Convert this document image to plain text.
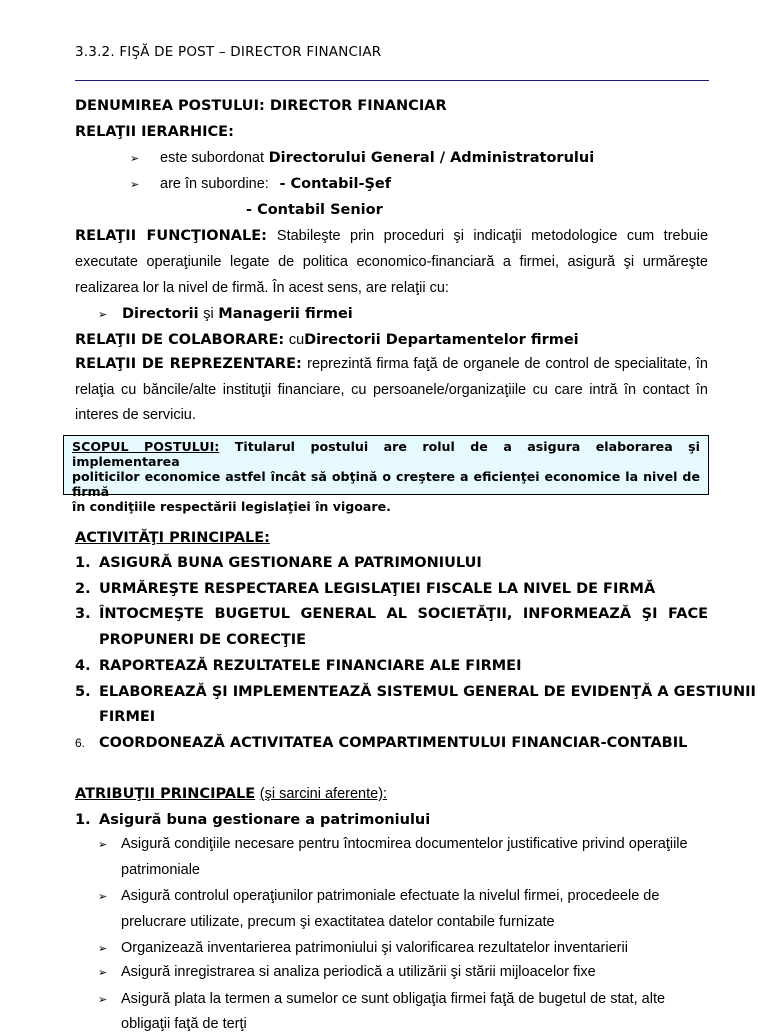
3.3.2. FIŞĂ DE POST – DIRECTOR FINANCIAR
DENUMIREA POSTULUI: DIRECTOR FINANCIAR
RELAŢII IERARHICE:
➢ este subordonat Directorului General / Administratorului
➢ are în subordine: - Contabil-Şef
- Contabil Senior
RELAŢII FUNCŢIONALE: Stabileşte prin proceduri şi indicaţii metodologice cum trebuie
executate operaţiunile legate de politica economico-financiară a firmei, asigură şi urmăreşte
realizarea lor la nivel de firmă. În acest sens, are relaţii cu:
➢ Directorii şi Managerii firmei
RELAŢII DE COLABORARE: cuDirectorii Departamentelor firmei
RELAŢII DE REPREZENTARE: reprezintă firma faţă de organele de control de specialitate, în
relaţia cu băncile/alte instituţii financiare, cu persoanele/organizaţiile cu care intră în contact în
interes de serviciu.
SCOPUL POSTULUI: Titularul postului are rolul de a asigura elaborarea şi implementarea
politicilor economice astfel încât să obţină o creştere a eficienţei economice la nivel de firmă
în condiţiile respectării legislaţiei în vigoare.
ACTIVITĂŢI PRINCIPALE:
1. ASIGURĂ BUNA GESTIONARE A PATRIMONIULUI
2. URMĂREŞTE RESPECTAREA LEGISLAŢIEI FISCALE LA NIVEL DE FIRMĂ
3. ÎNTOCMEŞTE BUGETUL GENERAL AL SOCIETĂŢII, INFORMEAZĂ ŞI FACE
PROPUNERI DE CORECŢIE
4. RAPORTEAZĂ REZULTATELE FINANCIARE ALE FIRMEI
5. ELABOREAZĂ ŞI IMPLEMENTEAZĂ SISTEMUL GENERAL DE EVIDENŢĂ A GESTIUNII
FIRMEI
6. COORDONEAZĂ ACTIVITATEA COMPARTIMENTULUI FINANCIAR-CONTABIL
ATRIBUŢII PRINCIPALE (şi sarcini aferente):
1. Asigură buna gestionare a patrimoniului
➢ Asigură condiţiile necesare pentru întocmirea documentelor justificative privind operaţiile
patrimoniale
➢ Asigură controlul operaţiunilor patrimoniale efectuate la nivelul firmei, procedeele de
prelucrare utilizate, precum şi exactitatea datelor contabile furnizate
➢ Organizează inventarierea patrimoniului şi valorificarea rezultatelor inventarierii
➢ Asigură inregistrarea si analiza periodică a utilizării şi stării mijloacelor fixe
➢ Asigură plata la termen a sumelor ce sunt obligaţia firmei faţă de bugetul de stat, alte
obligaţii faţă de terţi
